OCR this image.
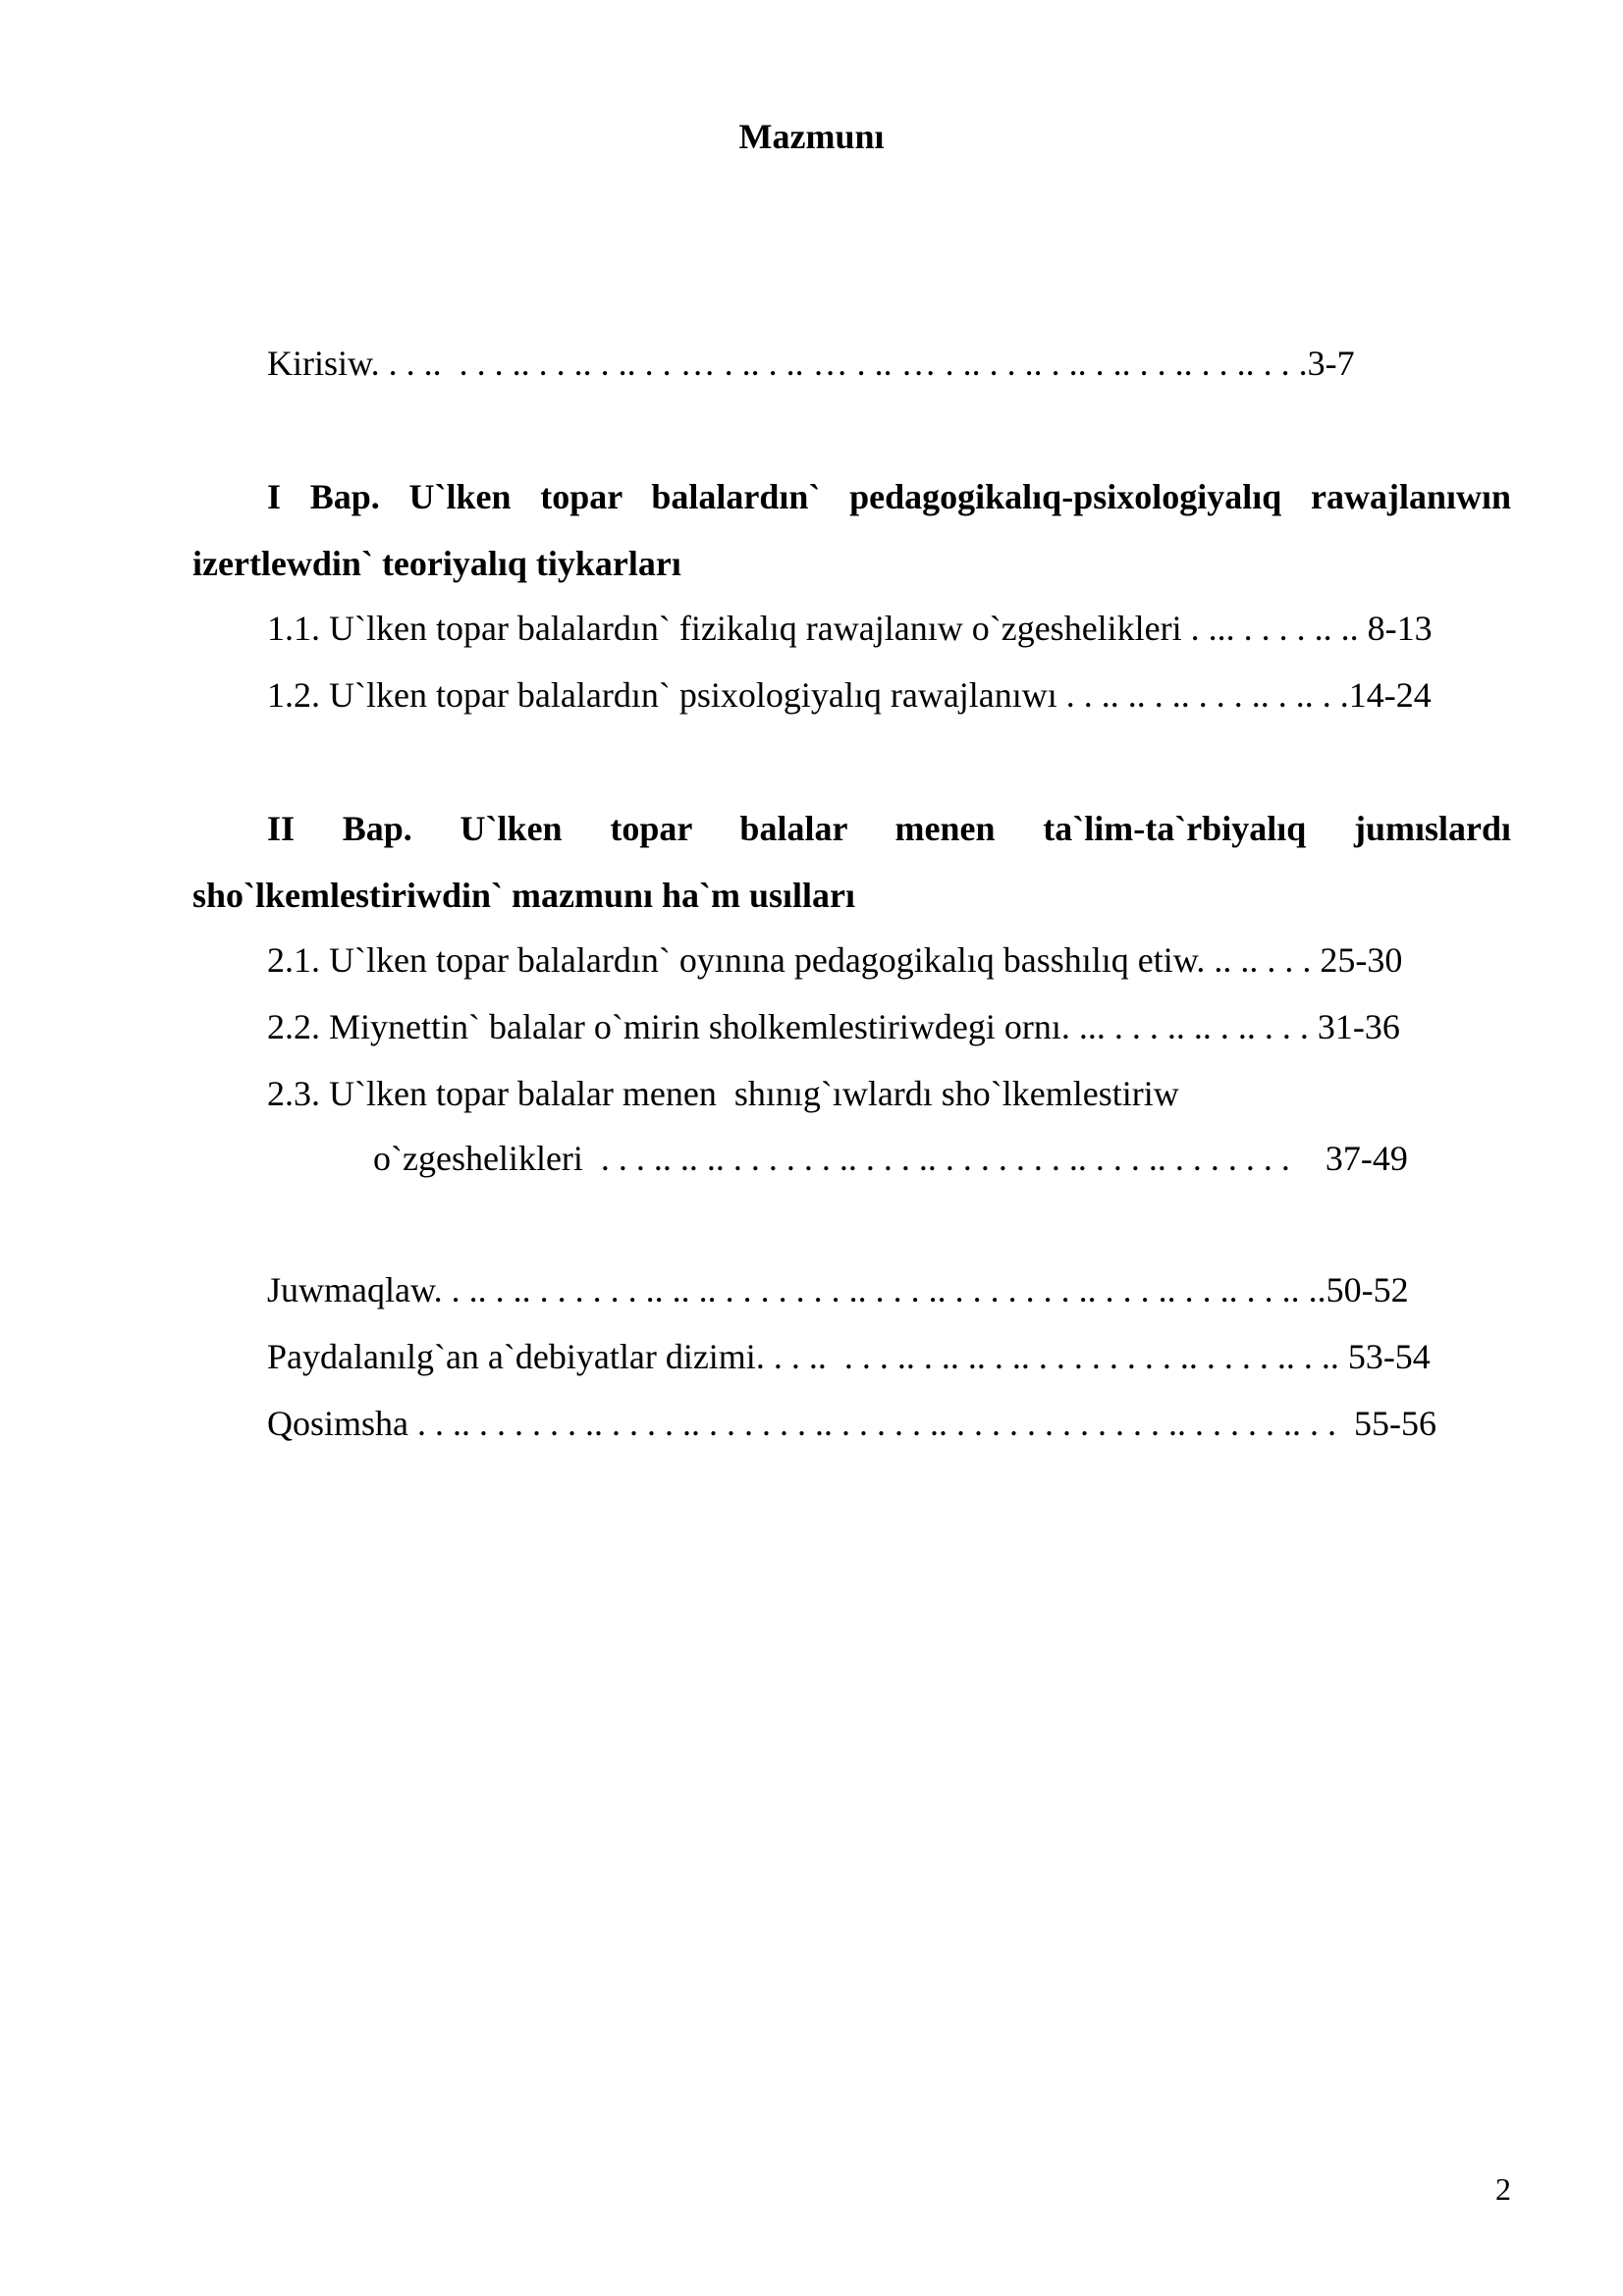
Mazmunı
Kirisiw. . . ..  . . . .. . . .. . .. . . … . .. . .. … . .. … . .. . . .. . .. . .. . . .. . . .. . . .3-7
I Bap. U`lken topar balalardın` pedagogikalıq-psixologiyalıq rawajlanıwın
izertlewdin` teoriyalıq tiykarları
1.1. U`lken topar balalardın` fizikalıq rawajlanıw o`zgeshelikleri . ... . . . . .. .. 8-13
1.2. U`lken topar balalardın` psixologiyalıq rawajlanıwı . . .. .. . .. . . . .. . .. . .14-24
II Bap. U`lken topar balalar menen ta`lim-ta`rbiyalıq jumıslardı
sho`lkemlestiriwdin` mazmunı ha`m usılları
2.1. U`lken topar balalardın` oyınına pedagogikalıq basshılıq etiw. .. .. . . . 25-30
2.2. Miynettin` balalar o`mirin sholkemlestiriwdegi ornı. ... . . . .. .. . .. . . . 31-36
2.3. U`lken topar balalar menen  shınıg`ıwlardı sho`lkemlestiriw
o`zgeshelikleri  . . . .. .. .. . . . . . . .. . . . .. . . . . . . . .. . . . .. . . . . . . .    37-49
Juwmaqlaw. . .. . .. . . . . . . .. .. .. . . . . . . . .. . . . .. . . . . . . . .. . . . .. . . .. . . .. ..50-52
Paydalanılg`an a`debiyatlar dizimi. . . ..  . . . .. . .. .. . .. . . . . . . . . .. . . . . .. . .. 53-54
Qosimsha . . .. . . . . . . .. . . . . .. . . . . . . .. . . . . . .. . . . . . . . . . . . . .. . . . . . .. . .  55-56
2
